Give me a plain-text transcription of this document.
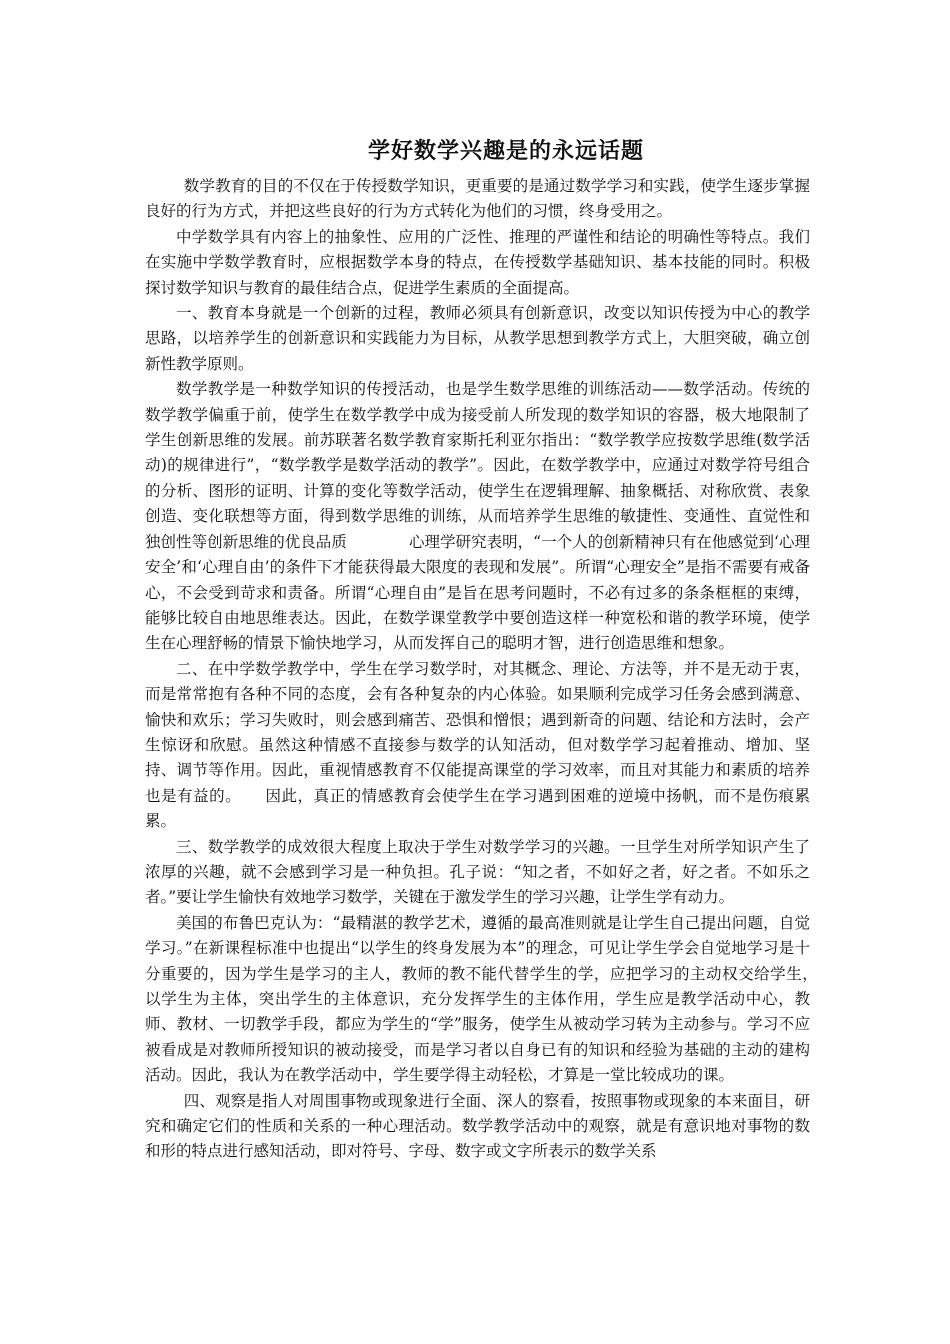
学好数学兴趣是的永远话题

数学教育的目的不仅在于传授数学知识，更重要的是通过数学学习和实践，使学生逐步掌握良好的行为方式，并把这些良好的行为方式转化为他们的习惯，终身受用之。

中学数学具有内容上的抽象性、应用的广泛性、推理的严谨性和结论的明确性等特点。我们在实施中学数学教育时，应根据数学本身的特点，在传授数学基础知识、基本技能的同时。积极探讨数学知识与教育的最佳结合点，促进学生素质的全面提高。

一、教育本身就是一个创新的过程，教师必须具有创新意识，改变以知识传授为中心的教学思路，以培养学生的创新意识和实践能力为目标，从教学思想到教学方式上，大胆突破，确立创新性教学原则。

数学教学是一种数学知识的传授活动，也是学生数学思维的训练活动——数学活动。传统的数学教学偏重于前，使学生在数学教学中成为接受前人所发现的数学知识的容器，极大地限制了学生创新思维的发展。前苏联著名数学教育家斯托利亚尔指出：“数学教学应按数学思维(数学活动)的规律进行”，“数学教学是数学活动的教学”。因此，在数学教学中，应通过对数学符号组合的分析、图形的证明、计算的变化等数学活动，使学生在逻辑理解、抽象概括、对称欣赏、表象创造、变化联想等方面，得到数学思维的训练，从而培养学生思维的敏捷性、变通性、直觉性和独创性等创新思维的优良品质　　　　心理学研究表明，“一个人的创新精神只有在他感觉到‘心理安全’和‘心理自由’的条件下才能获得最大限度的表现和发展”。所谓“心理安全”是指不需要有戒备心，不会受到苛求和责备。所谓“心理自由”是旨在思考问题时，不必有过多的条条框框的束缚，能够比较自由地思维表达。因此，在数学课堂教学中要创造这样一种宽松和谐的教学环境，使学生在心理舒畅的情景下愉快地学习，从而发挥自己的聪明才智，进行创造思维和想象。

二、在中学数学教学中，学生在学习数学时，对其概念、理论、方法等，并不是无动于衷，而是常常抱有各种不同的态度，会有各种复杂的内心体验。如果顺利完成学习任务会感到满意、愉快和欢乐；学习失败时，则会感到痛苦、恐惧和憎恨；遇到新奇的问题、结论和方法时，会产生惊讶和欣慰。虽然这种情感不直接参与数学的认知活动，但对数学学习起着推动、增加、坚持、调节等作用。因此，重视情感教育不仅能提高课堂的学习效率，而且对其能力和素质的培养也是有益的。　　因此，真正的情感教育会使学生在学习遇到困难的逆境中扬帆，而不是伤痕累累。

三、数学教学的成效很大程度上取决于学生对数学学习的兴趣。一旦学生对所学知识产生了浓厚的兴趣，就不会感到学习是一种负担。孔子说：“知之者，不如好之者，好之者。不如乐之者。”要让学生愉快有效地学习数学，关键在于激发学生的学习兴趣，让学生学有动力。

美国的布鲁巴克认为：“最精湛的教学艺术，遵循的最高准则就是让学生自己提出问题，自觉学习。”在新课程标准中也提出“以学生的终身发展为本”的理念，可见让学生学会自觉地学习是十分重要的，因为学生是学习的主人，教师的教不能代替学生的学，应把学习的主动权交给学生，　以学生为主体，突出学生的主体意识，充分发挥学生的主体作用，学生应是教学活动中心，教师、教材、一切教学手段，都应为学生的“学”服务，使学生从被动学习转为主动参与。学习不应被看成是对教师所授知识的被动接受，而是学习者以自身已有的知识和经验为基础的主动的建构活动。因此，我认为在教学活动中，学生要学得主动轻松，才算是一堂比较成功的课。

四、观察是指人对周围事物或现象进行全面、深人的察看，按照事物或现象的本来面目，研究和确定它们的性质和关系的一种心理活动。数学教学活动中的观察，就是有意识地对事物的数和形的特点进行感知活动，即对符号、字母、数字或文字所表示的数学关系
